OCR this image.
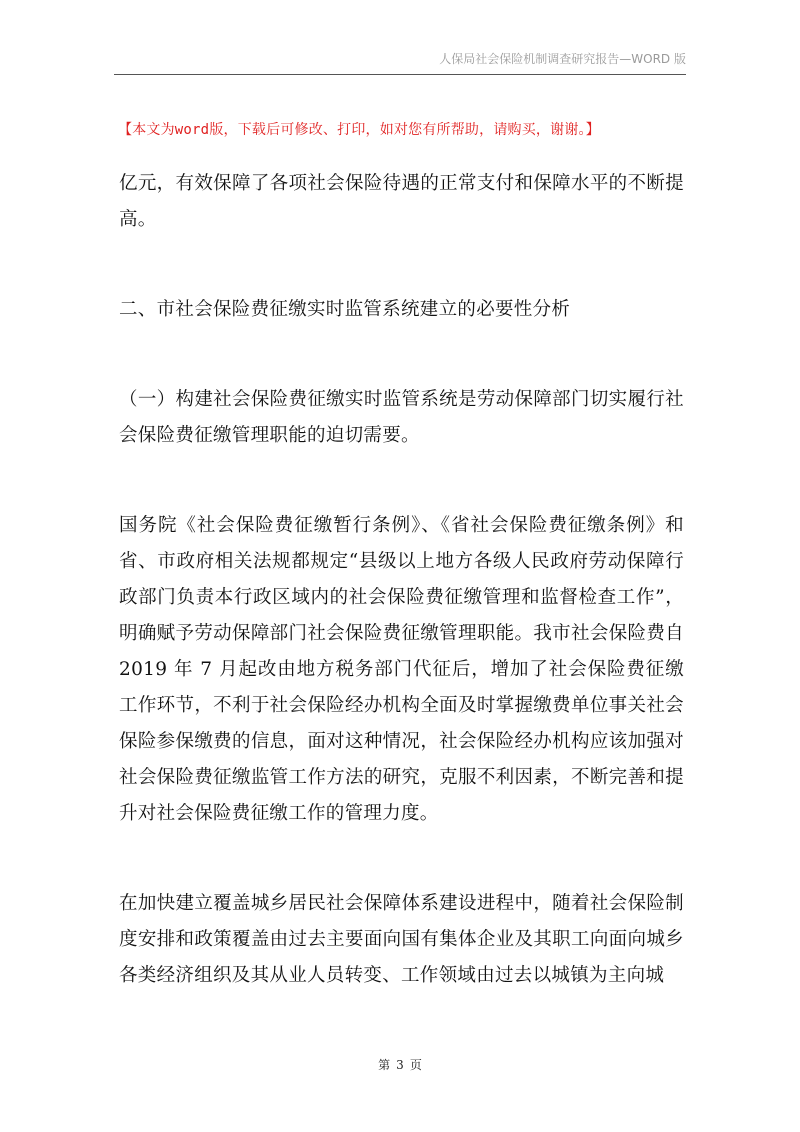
人保局社会保险机制调查研究报告—WORD 版
【本文为word版，下载后可修改、打印，如对您有所帮助，请购买，谢谢。】

亿元，有效保障了各项社会保险待遇的正常支付和保障水平的不断提高。

二、市社会保险费征缴实时监管系统建立的必要性分析

（一）构建社会保险费征缴实时监管系统是劳动保障部门切实履行社会保险费征缴管理职能的迫切需要。

国务院《社会保险费征缴暂行条例》、《省社会保险费征缴条例》和省、市政府相关法规都规定“县级以上地方各级人民政府劳动保障行政部门负责本行政区域内的社会保险费征缴管理和监督检查工作”，明确赋予劳动保障部门社会保险费征缴管理职能。我市社会保险费自2019 年 7 月起改由地方税务部门代征后，增加了社会保险费征缴工作环节，不利于社会保险经办机构全面及时掌握缴费单位事关社会保险参保缴费的信息，面对这种情况，社会保险经办机构应该加强对社会保险费征缴监管工作方法的研究，克服不利因素，不断完善和提升对社会保险费征缴工作的管理力度。

在加快建立覆盖城乡居民社会保障体系建设进程中，随着社会保险制度安排和政策覆盖由过去主要面向国有集体企业及其职工向面向城乡各类经济组织及其从业人员转变、工作领域由过去以城镇为主向城

第 3 页
